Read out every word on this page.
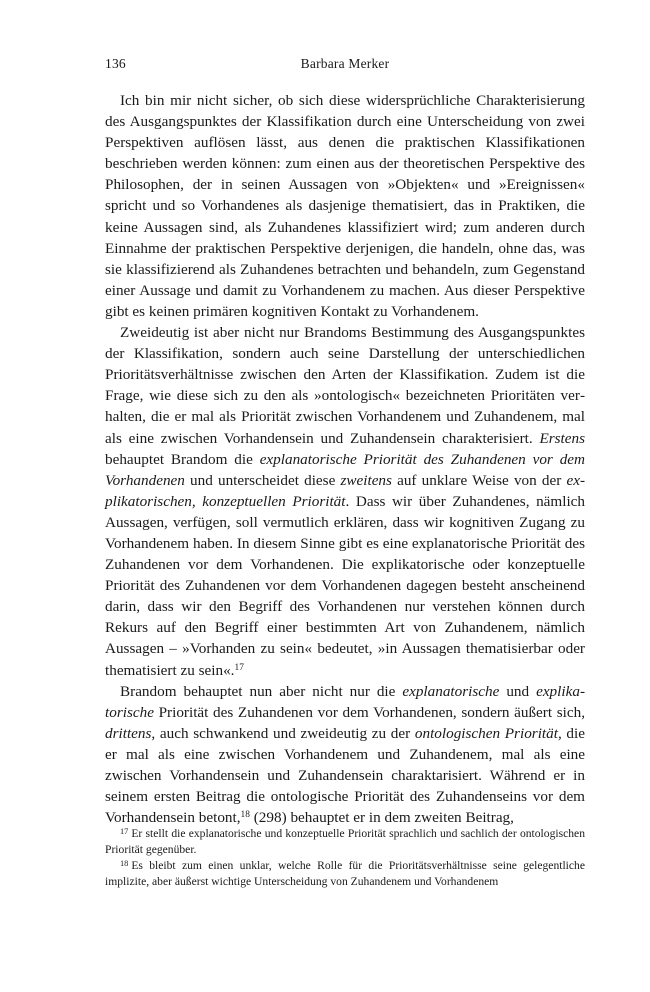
136	Barbara Merker

Ich bin mir nicht sicher, ob sich diese widersprüchliche Charakterisierung des Ausgangspunktes der Klassifikation durch eine Unterscheidung von zwei Perspektiven auflösen lässt, aus denen die praktischen Klassifikationen beschrieben werden können: zum einen aus der theoretischen Perspektive des Philosophen, der in seinen Aussagen von »Objekten« und »Ereignissen« spricht und so Vorhandenes als dasjenige thematisiert, das in Praktiken, die keine Aussagen sind, als Zuhandenes klassifiziert wird; zum anderen durch Einnahme der praktischen Perspektive derjenigen, die handeln, ohne das, was sie klassifizierend als Zuhandenes betrachten und behandeln, zum Gegenstand einer Aussage und damit zu Vorhandenem zu machen. Aus dieser Perspektive gibt es keinen primären kognitiven Kontakt zu Vorhandenem.

Zweideutig ist aber nicht nur Brandoms Bestimmung des Ausgangspunktes der Klassifikation, sondern auch seine Darstellung der unterschiedlichen Prioritätsverhältnisse zwischen den Arten der Klassifikation. Zudem ist die Frage, wie diese sich zu den als »ontologisch« bezeichneten Prioritäten verhalten, die er mal als Priorität zwischen Vorhandenem und Zuhandenem, mal als eine zwischen Vorhandensein und Zuhandensein charakterisiert. Erstens behauptet Brandom die explanatorische Priorität des Zuhandenen vor dem Vorhandenen und unterscheidet diese zweitens auf unklare Weise von der explikatorischen, konzeptuellen Priorität. Dass wir über Zuhandenes, nämlich Aussagen, verfügen, soll vermutlich erklären, dass wir kognitiven Zugang zu Vorhandenem haben. In diesem Sinne gibt es eine explanatorische Priorität des Zuhandenen vor dem Vorhandenen. Die explikatorische oder konzeptuelle Priorität des Zuhandenen vor dem Vorhandenen dagegen besteht anscheinend darin, dass wir den Begriff des Vorhandenen nur verstehen können durch Rekurs auf den Begriff einer bestimmten Art von Zuhandenem, nämlich Aussagen – »Vorhanden zu sein« bedeutet, »in Aussagen thematisierbar oder thematisiert zu sein«.$^{17}$

Brandom behauptet nun aber nicht nur die explanatorische und explikatorische Priorität des Zuhandenen vor dem Vorhandenen, sondern äußert sich, drittens, auch schwankend und zweideutig zu der ontologischen Priorität, die er mal als eine zwischen Vorhandenem und Zuhandenem, mal als eine zwischen Vorhandensein und Zuhandensein charaktarisiert. Während er in seinem ersten Beitrag die ontologische Priorität des Zuhandenseins vor dem Vorhandensein betont,$^{18}$ (298) behauptet er in dem zweiten Beitrag,

$^{17}$ Er stellt die explanatorische und konzeptuelle Priorität sprachlich und sachlich der ontologischen Priorität gegenüber.

$^{18}$ Es bleibt zum einen unklar, welche Rolle für die Prioritätsverhältnisse seine gelegentliche implizite, aber äußerst wichtige Unterscheidung von Zuhandenem und Vorhandenem
